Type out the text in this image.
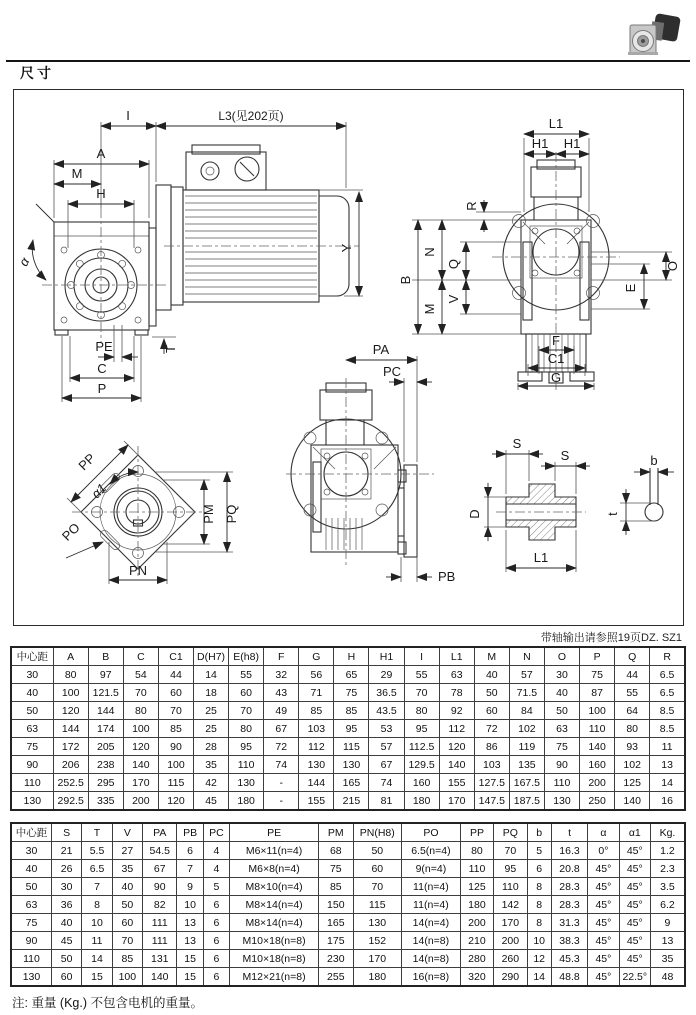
尺寸
I	L3(见202页)
A
M
H
α
Y
PE	T
C
P
L1
H1 H1
R
B
N
Q
M
V
O
E
F
C1
G
PA
PC
PB
PP
α1
PO
PM PQ
PN
S
S
D
L1
b
t
带轴输出请参照19页DZ. SZ1
中心距	A	B	C	C1	D(H7)	E(h8)	F	G	H	H1	I	L1	M	N	O	P	Q	R
30	80	97	54	44	14	55	32	56	65	29	55	63	40	57	30	75	44	6.5
40	100	121.5	70	60	18	60	43	71	75	36.5	70	78	50	71.5	40	87	55	6.5
50	120	144	80	70	25	70	49	85	85	43.5	80	92	60	84	50	100	64	8.5
63	144	174	100	85	25	80	67	103	95	53	95	112	72	102	63	110	80	8.5
75	172	205	120	90	28	95	72	112	115	57	112.5	120	86	119	75	140	93	11
90	206	238	140	100	35	110	74	130	130	67	129.5	140	103	135	90	160	102	13
110	252.5	295	170	115	42	130	-	144	165	74	160	155	127.5	167.5	110	200	125	14
130	292.5	335	200	120	45	180	-	155	215	81	180	170	147.5	187.5	130	250	140	16
中心距	S	T	V	PA	PB	PC	PE	PM	PN(H8)	PO	PP	PQ	b	t	α	α1	Kg.
30	21	5.5	27	54.5	6	4	M6×11(n=4)	68	50	6.5(n=4)	80	70	5	16.3	0°	45°	1.2
40	26	6.5	35	67	7	4	M6×8(n=4)	75	60	9(n=4)	110	95	6	20.8	45°	45°	2.3
50	30	7	40	90	9	5	M8×10(n=4)	85	70	11(n=4)	125	110	8	28.3	45°	45°	3.5
63	36	8	50	82	10	6	M8×14(n=4)	150	115	11(n=4)	180	142	8	28.3	45°	45°	6.2
75	40	10	60	111	13	6	M8×14(n=4)	165	130	14(n=4)	200	170	8	31.3	45°	45°	9
90	45	11	70	111	13	6	M10×18(n=8)	175	152	14(n=8)	210	200	10	38.3	45°	45°	13
110	50	14	85	131	15	6	M10×18(n=8)	230	170	14(n=8)	280	260	12	45.3	45°	45°	35
130	60	15	100	140	15	6	M12×21(n=8)	255	180	16(n=8)	320	290	14	48.8	45°	22.5°	48
注: 重量 (Kg.) 不包含电机的重量。
